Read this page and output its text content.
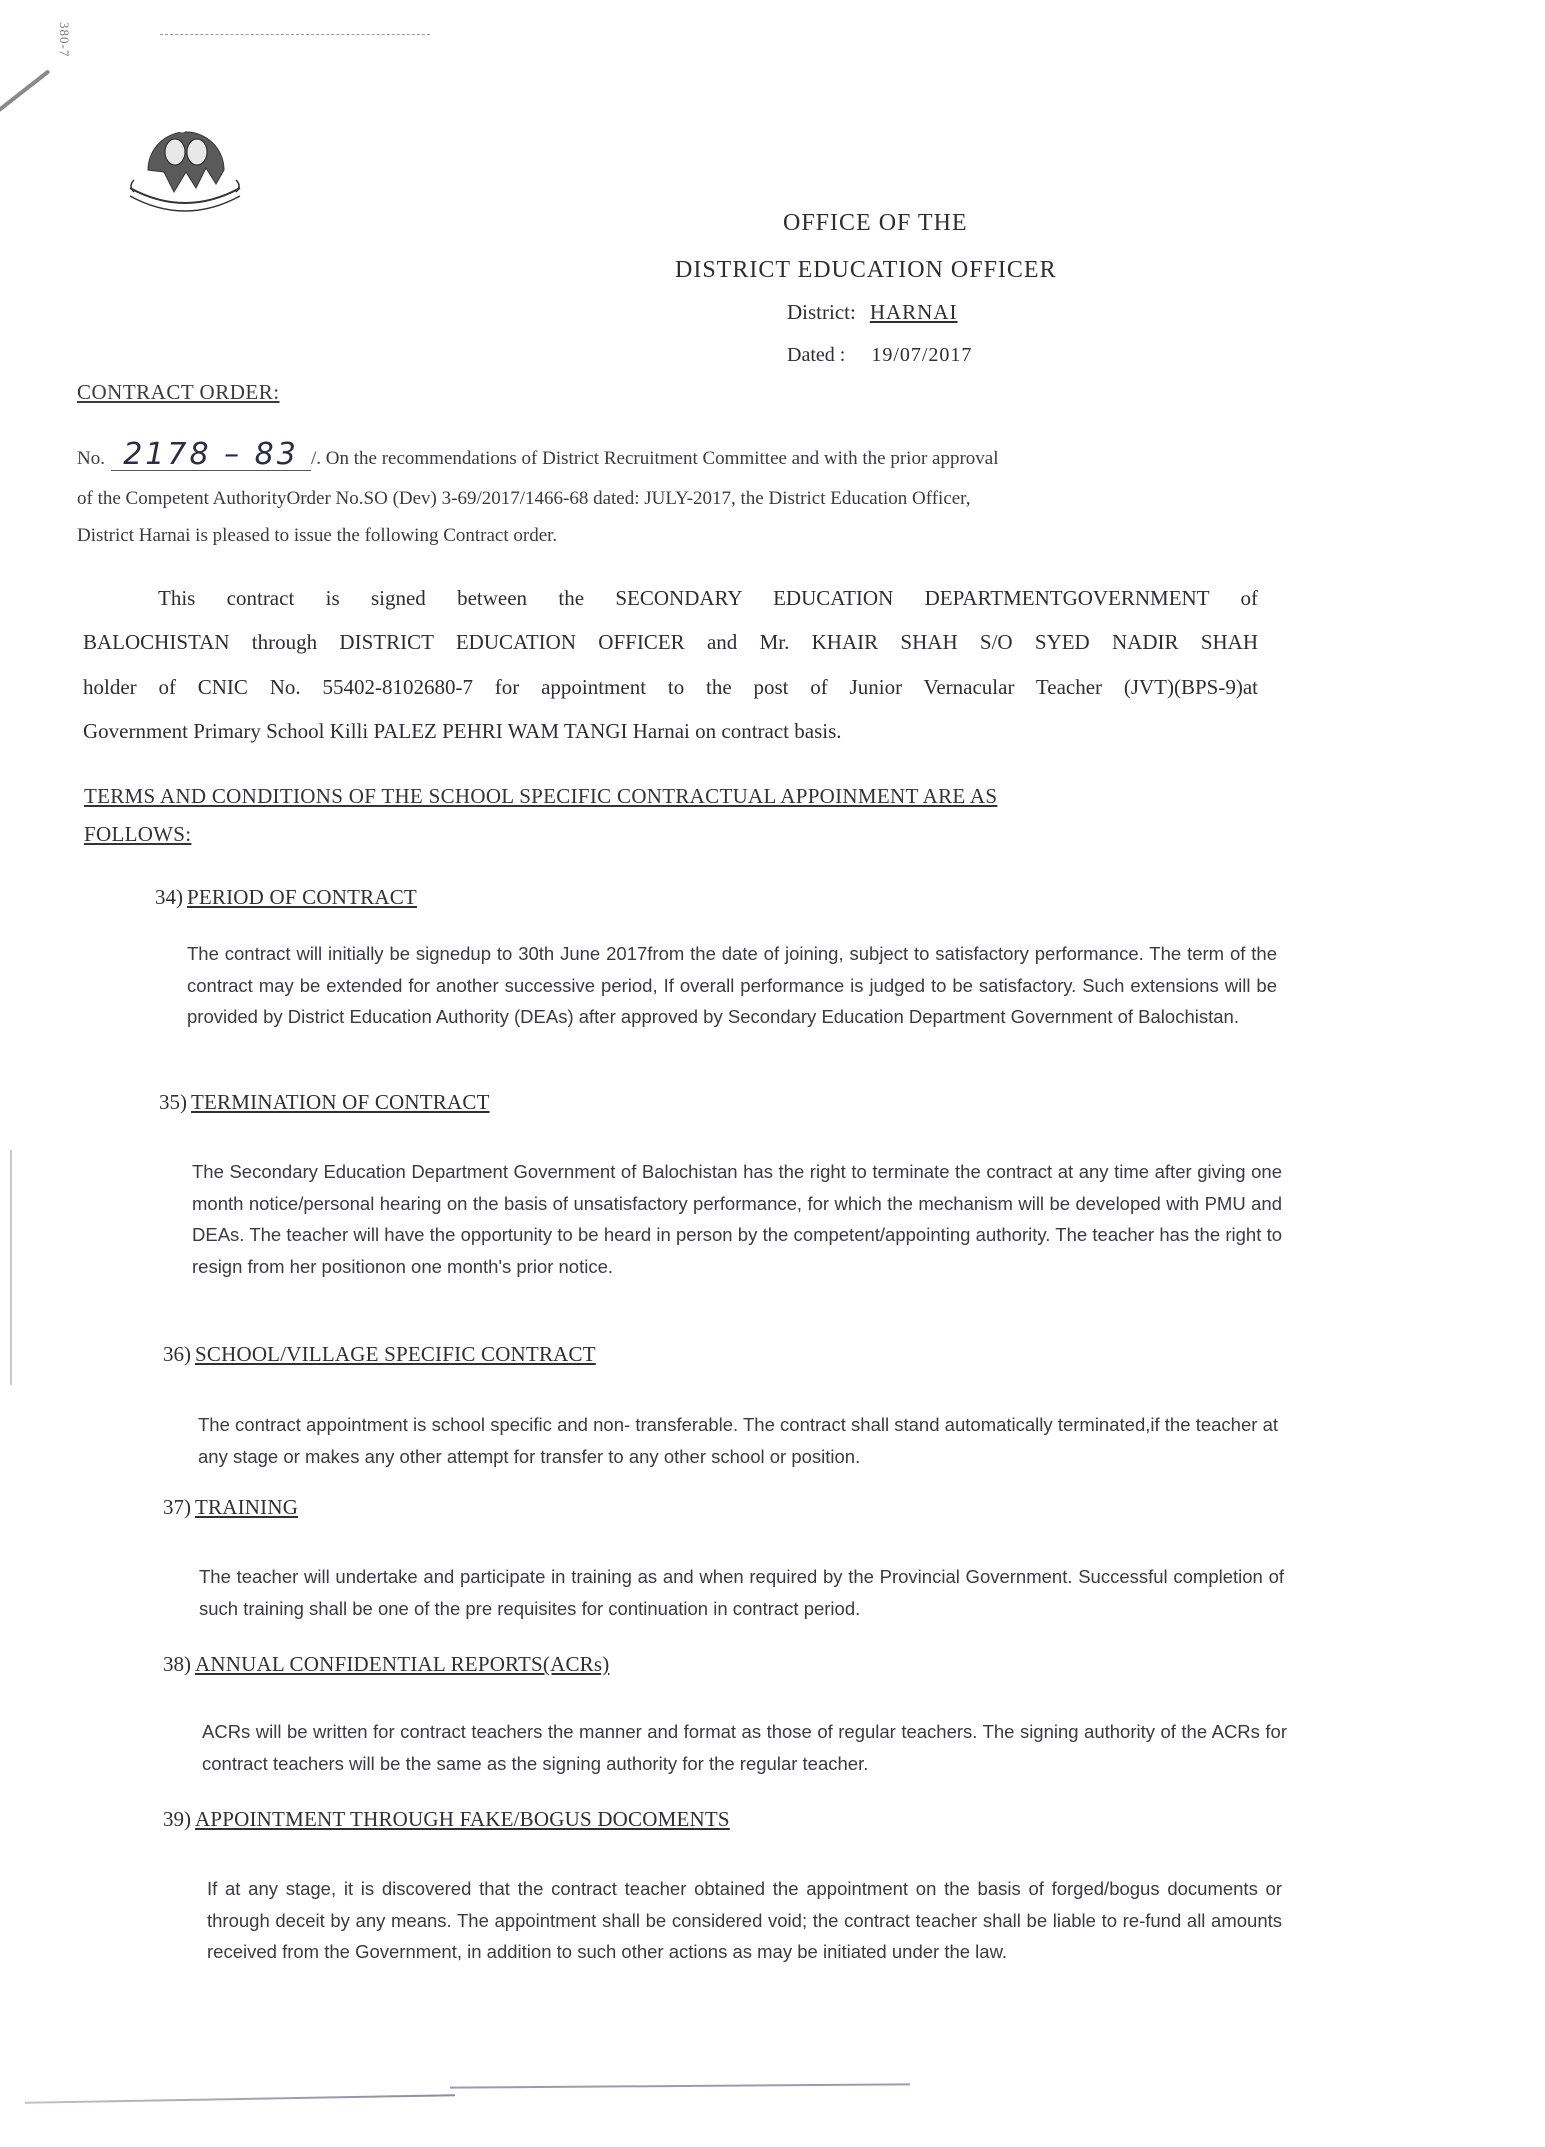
380-7
OFFICE OF THE
DISTRICT EDUCATION OFFICER
District: HARNAI
Dated : 19/07/2017
CONTRACT ORDER:
No. 2178 – 83 /. On the recommendations of District Recruitment Committee and with the prior approval
of the Competent AuthorityOrder No.SO (Dev) 3-69/2017/1466-68 dated: JULY-2017, the District Education Officer,
District Harnai is pleased to issue the following Contract order.
This contract is signed between the SECONDARY EDUCATION DEPARTMENTGOVERNMENT of
BALOCHISTAN through DISTRICT EDUCATION OFFICER and Mr. KHAIR SHAH S/O SYED NADIR SHAH
holder of CNIC No. 55402-8102680-7 for appointment to the post of Junior Vernacular Teacher (JVT)(BPS-9)at
Government Primary School Killi PALEZ PEHRI WAM TANGI Harnai on contract basis.
TERMS AND CONDITIONS OF THE SCHOOL SPECIFIC CONTRACTUAL APPOINMENT ARE AS
FOLLOWS:
34) PERIOD OF CONTRACT
The contract will initially be signedup to 30th June 2017from the date of joining, subject to satisfactory performance. The term of the contract may be extended for another successive period, If overall performance is judged to be satisfactory. Such extensions will be provided by District Education Authority (DEAs) after approved by Secondary Education Department Government of Balochistan.
35) TERMINATION OF CONTRACT
The Secondary Education Department Government of Balochistan has the right to terminate the contract at any time after giving one month notice/personal hearing on the basis of unsatisfactory performance, for which the mechanism will be developed with PMU and DEAs. The teacher will have the opportunity to be heard in person by the competent/appointing authority. The teacher has the right to resign from her positionon one month's prior notice.
36) SCHOOL/VILLAGE SPECIFIC CONTRACT
The contract appointment is school specific and non- transferable. The contract shall stand automatically terminated,if the teacher at any stage or makes any other attempt for transfer to any other school or position.
37) TRAINING
The teacher will undertake and participate in training as and when required by the Provincial Government. Successful completion of such training shall be one of the pre requisites for continuation in contract period.
38) ANNUAL CONFIDENTIAL REPORTS(ACRs)
ACRs will be written for contract teachers the manner and format as those of regular teachers. The signing authority of the ACRs for contract teachers will be the same as the signing authority for the regular teacher.
39) APPOINTMENT THROUGH FAKE/BOGUS DOCOMENTS
If at any stage, it is discovered that the contract teacher obtained the appointment on the basis of forged/bogus documents or through deceit by any means. The appointment shall be considered void; the contract teacher shall be liable to re-fund all amounts received from the Government, in addition to such other actions as may be initiated under the law.
